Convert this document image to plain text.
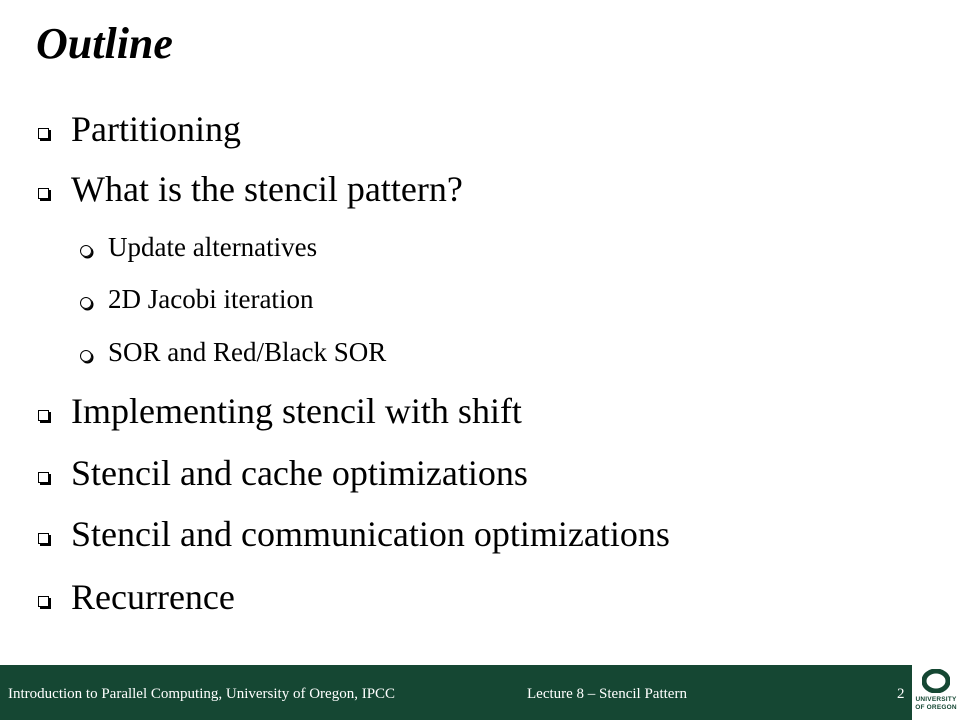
Outline
Partitioning
What is the stencil pattern?
Update alternatives
2D Jacobi iteration
SOR and Red/Black SOR
Implementing stencil with shift
Stencil and cache optimizations
Stencil and communication optimizations
Recurrence
Introduction to Parallel Computing, University of Oregon, IPCC	Lecture 8 – Stencil Pattern	2	UNIVERSITY
OF OREGON
